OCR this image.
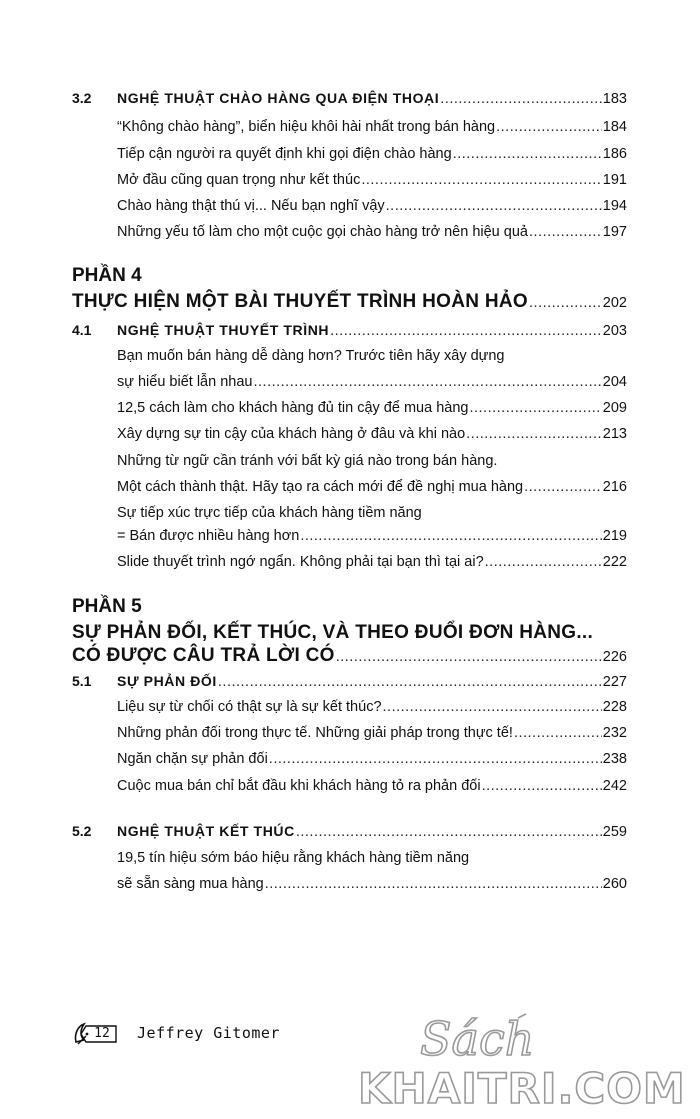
3.2 NGHỆ THUẬT CHÀO HÀNG QUA ĐIỆN THOẠI .....	183
“Không chào hàng”, biển hiệu khôi hài nhất trong bán hàng .....	184
Tiếp cận người ra quyết định khi gọi điện chào hàng .....	186
Mở đầu cũng quan trọng như kết thúc .....	191
Chào hàng thật thú vị... Nếu bạn nghĩ vậy .....	194
Những yếu tố làm cho một cuộc gọi chào hàng trở nên hiệu quả .....	197
PHẦN 4
THỰC HIỆN MỘT BÀI THUYẾT TRÌNH HOÀN HẢO .....	202
4.1 NGHỆ THUẬT THUYẾT TRÌNH .....	203
Bạn muốn bán hàng dễ dàng hơn? Trước tiên hãy xây dựng
sự hiểu biết lẫn nhau .....	204
12,5 cách làm cho khách hàng đủ tin cậy để mua hàng .....	209
Xây dựng sự tin cậy của khách hàng ở đâu và khi nào .....	213
Những từ ngữ cần tránh với bất kỳ giá nào trong bán hàng.
Một cách thành thật. Hãy tạo ra cách mới để đề nghị mua hàng .....	216
Sự tiếp xúc trực tiếp của khách hàng tiềm năng
= Bán được nhiều hàng hơn .....	219
Slide thuyết trình ngớ ngẩn. Không phải tại bạn thì tại ai? .....	222
PHẦN 5
SỰ PHẢN ĐỐI, KẾT THÚC, VÀ THEO ĐUỔI ĐƠN HÀNG...
CÓ ĐƯỢC CÂU TRẢ LỜI CÓ .....	226
5.1 SỰ PHẢN ĐỐI .....	227
Liệu sự từ chối có thật sự là sự kết thúc? .....	228
Những phản đối trong thực tế. Những giải pháp trong thực tế! .....	232
Ngăn chặn sự phản đối .....	238
Cuộc mua bán chỉ bắt đầu khi khách hàng tỏ ra phản đối .....	242
5.2 NGHỆ THUẬT KẾT THÚC .....	259
19,5 tín hiệu sớm báo hiệu rằng khách hàng tiềm năng
sẽ sẵn sàng mua hàng .....	260
12	Jeffrey Gitomer	Sách
KHAITRI.COM
